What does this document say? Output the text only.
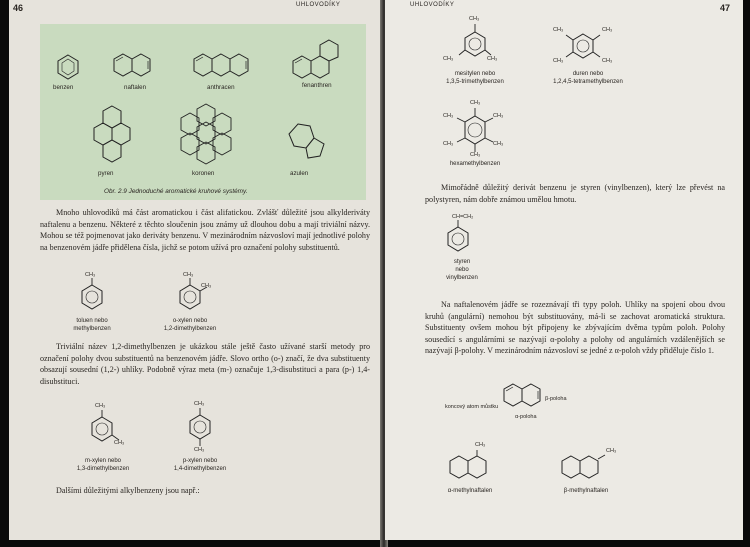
46	UHLOVODÍKY
benzen	naftalen	anthracen	fenanthren
pyren	koronen	azulen
Obr. 2.9 Jednoduché aromatické kruhové systémy.

Mnoho uhlovodíků má část aromatickou i část alifatickou. Zvlášť důležité jsou alkylderiváty naftalenu a benzenu. Některé z těchto sloučenin jsou známy už dlouhou dobu a mají triviální názvy. Mohou se též pojmenovat jako deriváty benzenu. V mezinárodním názvosloví mají jednotlivé polohy na benzenovém jádře přidělena čísla, jichž se potom užívá pro označení polohy substituentů.

CH₃
toluen nebo
methylbenzen
CH₃
CH₃
o-xylen nebo
1,2-dimethylbenzen

Triviální název 1,2-dimethylbenzen je ukázkou stále ještě často užívané starší metody pro označení polohy dvou substituentů na benzenovém jádře. Slovo ortho (o-) značí, že dva substituenty obsazují sousední (1,2-) uhlíky. Podobně výraz meta (m-) označuje 1,3-disubstituci a para (p-) 1,4-disubstituci.

CH₃
CH₃
m-xylen nebo
1,3-dimethylbenzen
CH₃
CH₃
p-xylen nebo
1,4-dimethylbenzen

Dalšími důležitými alkylbenzeny jsou např.:

UHLOVODÍKY	47
CH₃
CH₃	CH₃
mesitylen nebo
1,3,5-trimethylbenzen
CH₃	CH₃
CH₃	CH₃
duren nebo
1,2,4,5-tetramethylbenzen
CH₃
CH₃	CH₃
CH₃	CH₃
CH₃
hexamethylbenzen

Mimořádně důležitý derivát benzenu je styren (vinylbenzen), který lze převést na polystyren, nám dobře známou umělou hmotu.

CH=CH₂
styren
nebo
vinylbenzen

Na naftalenovém jádře se rozeznávají tři typy poloh. Uhlíky na spojení obou dvou kruhů (angulární) nemohou být substituovány, má-li se zachovat aromatická struktura. Substituenty ovšem mohou být připojeny ke zbývajícím dvěma typům poloh. Polohy sousedící s angulárními se nazývají α-polohy a polohy od angulárních vzdálenějších se nazývají β-polohy. V mezinárodním názvosloví se jedné z α-poloh vždy přiděluje číslo 1.

koncový atom můstku
β-poloha
α-poloha
CH₃
α-methylnaftalen
CH₃
β-methylnaftalen
